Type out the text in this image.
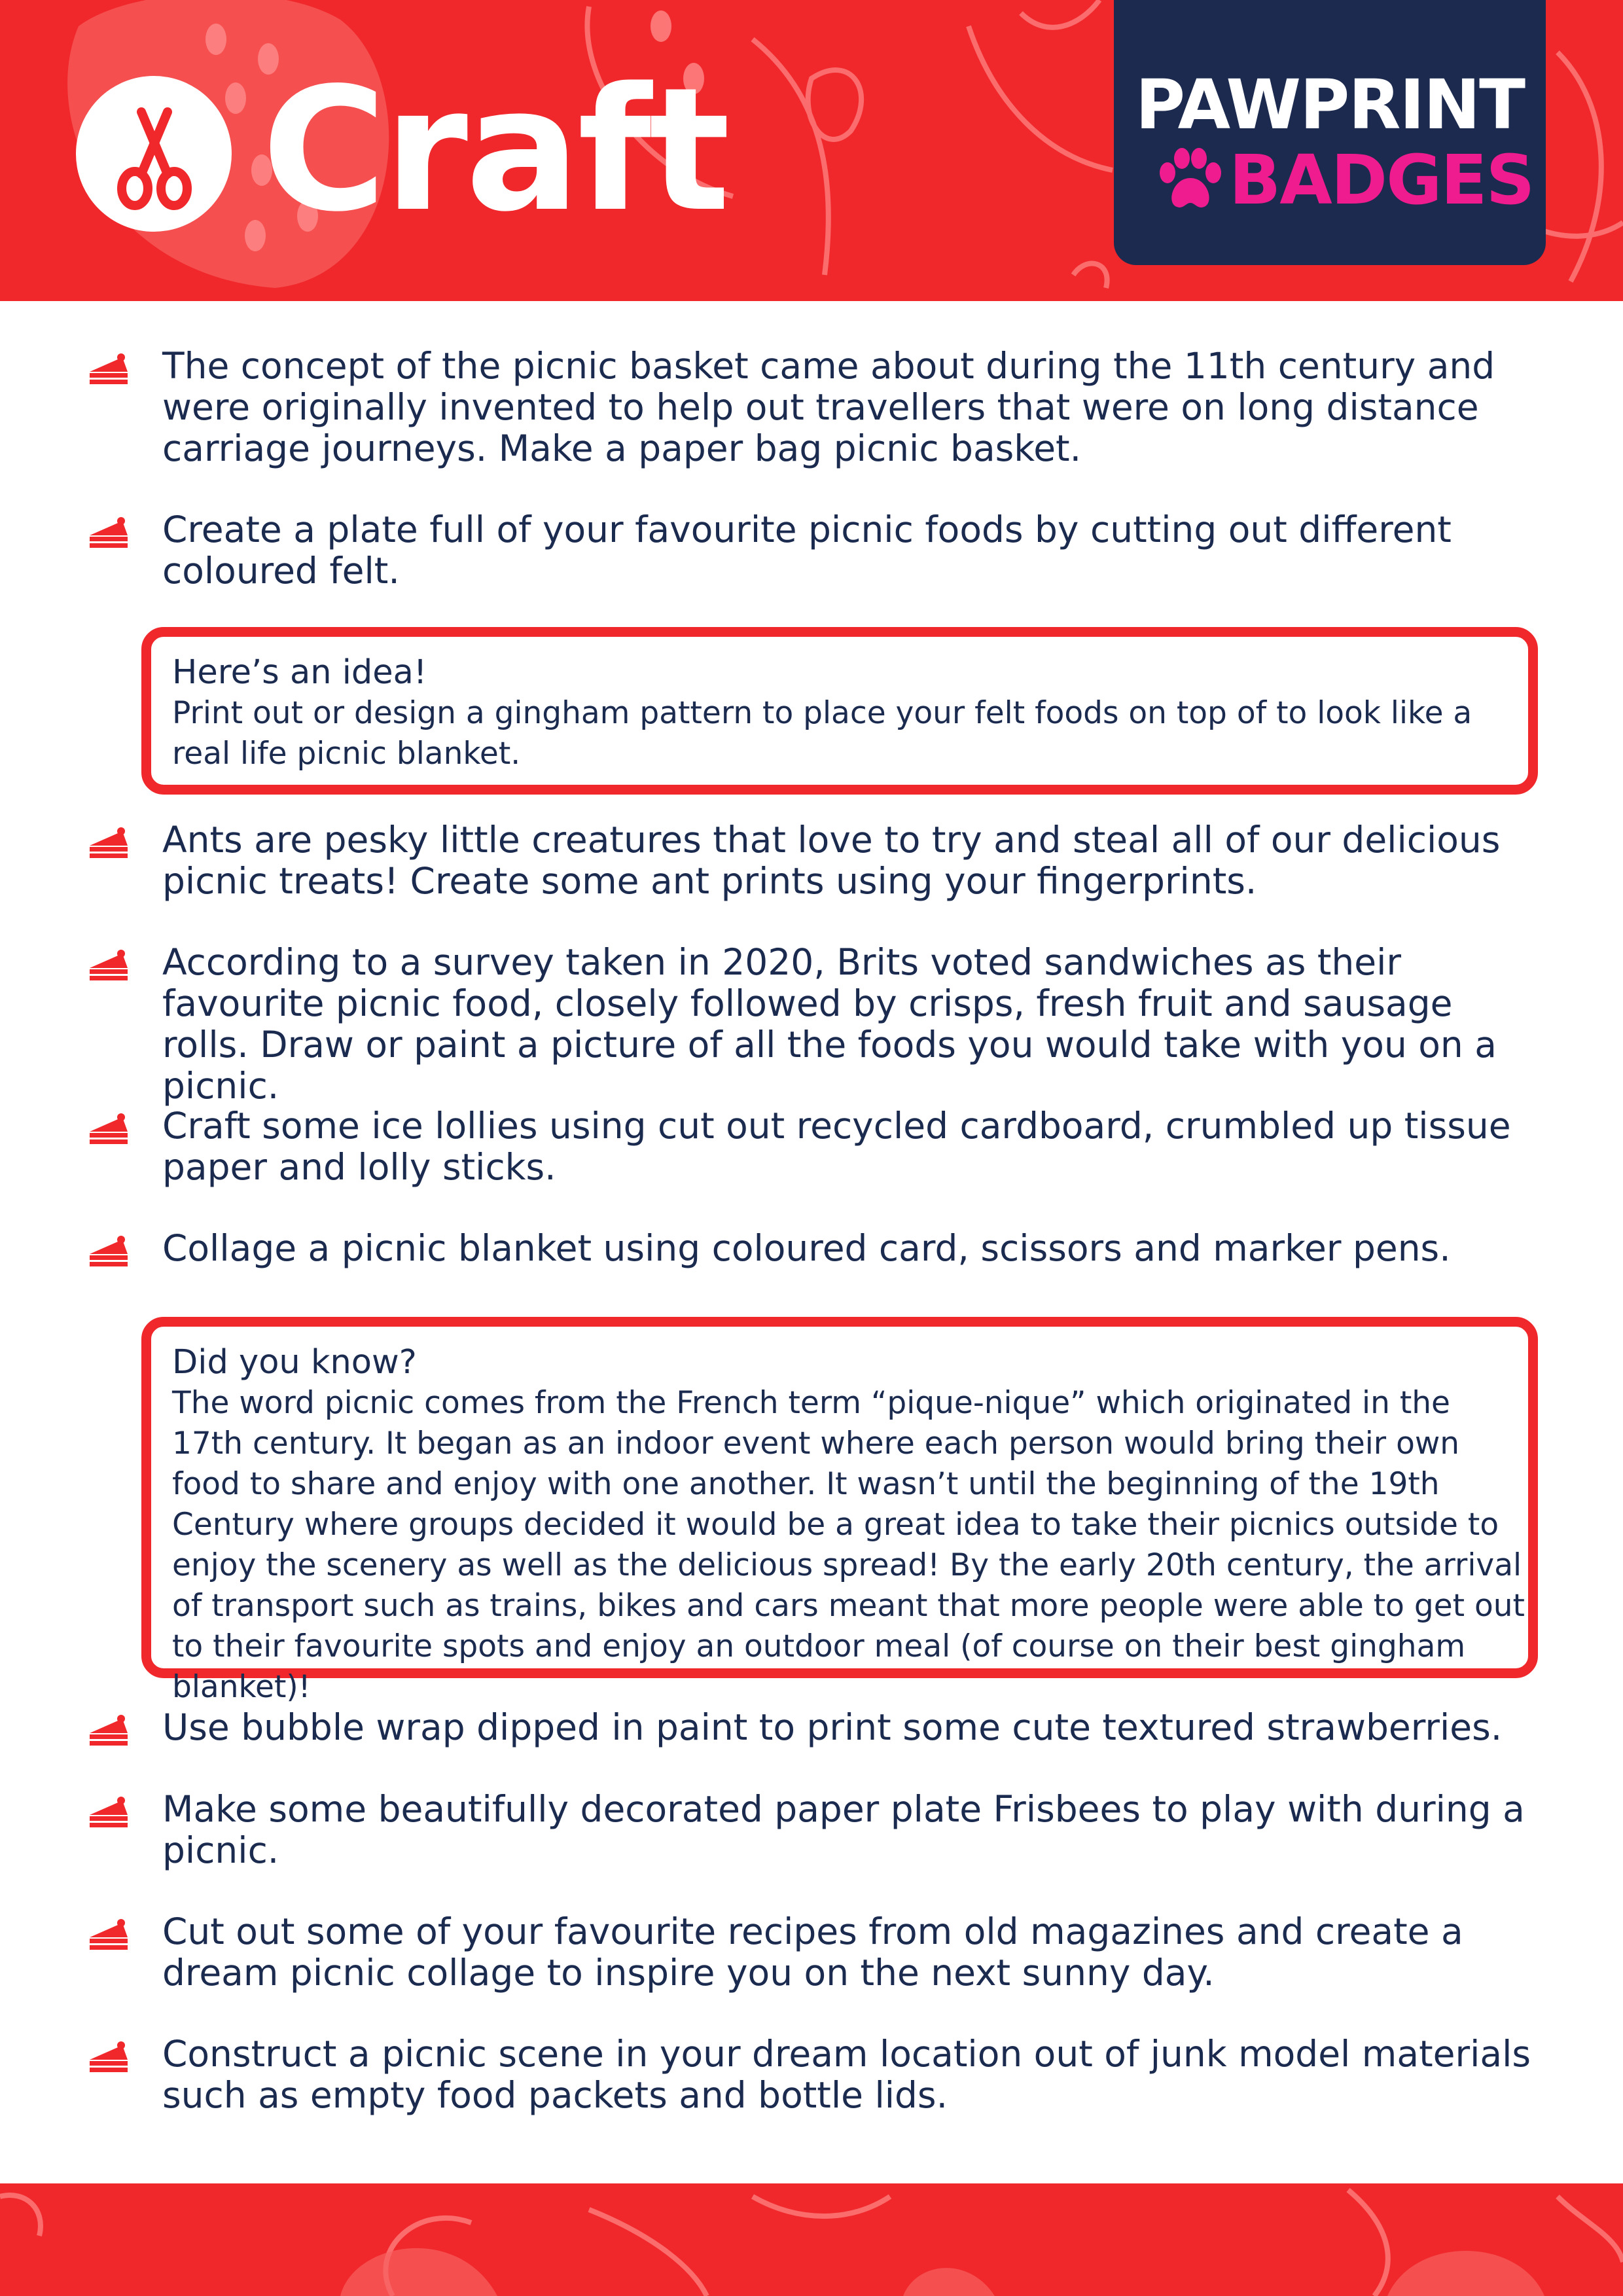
Craft	PAWPRINT
BADGES
The concept of the picnic basket came about during the 11th century and were originally invented to help out travellers that were on long distance carriage journeys. Make a paper bag picnic basket.
Create a plate full of your favourite picnic foods by cutting out different coloured felt.
Here’s an idea!
Print out or design a gingham pattern to place your felt foods on top of to look like a real life picnic blanket.
Ants are pesky little creatures that love to try and steal all of our delicious picnic treats! Create some ant prints using your fingerprints.
According to a survey taken in 2020, Brits voted sandwiches as their favourite picnic food, closely followed by crisps, fresh fruit and sausage rolls. Draw or paint a picture of all the foods you would take with you on a picnic.
Craft some ice lollies using cut out recycled cardboard, crumbled up tissue paper and lolly sticks.
Collage a picnic blanket using coloured card, scissors and marker pens.
Did you know?
The word picnic comes from the French term “pique-nique” which originated in the 17th century. It began as an indoor event where each person would bring their own food to share and enjoy with one another. It wasn’t until the beginning of the 19th Century where groups decided it would be a great idea to take their picnics outside to enjoy the scenery as well as the delicious spread! By the early 20th century, the arrival of transport such as trains, bikes and cars meant that more people were able to get out to their favourite spots and enjoy an outdoor meal (of course on their best gingham blanket)!
Use bubble wrap dipped in paint to print some cute textured strawberries.
Make some beautifully decorated paper plate Frisbees to play with during a picnic.
Cut out some of your favourite recipes from old magazines and create a dream picnic collage to inspire you on the next sunny day.
Construct a picnic scene in your dream location out of junk model materials such as empty food packets and bottle lids.
